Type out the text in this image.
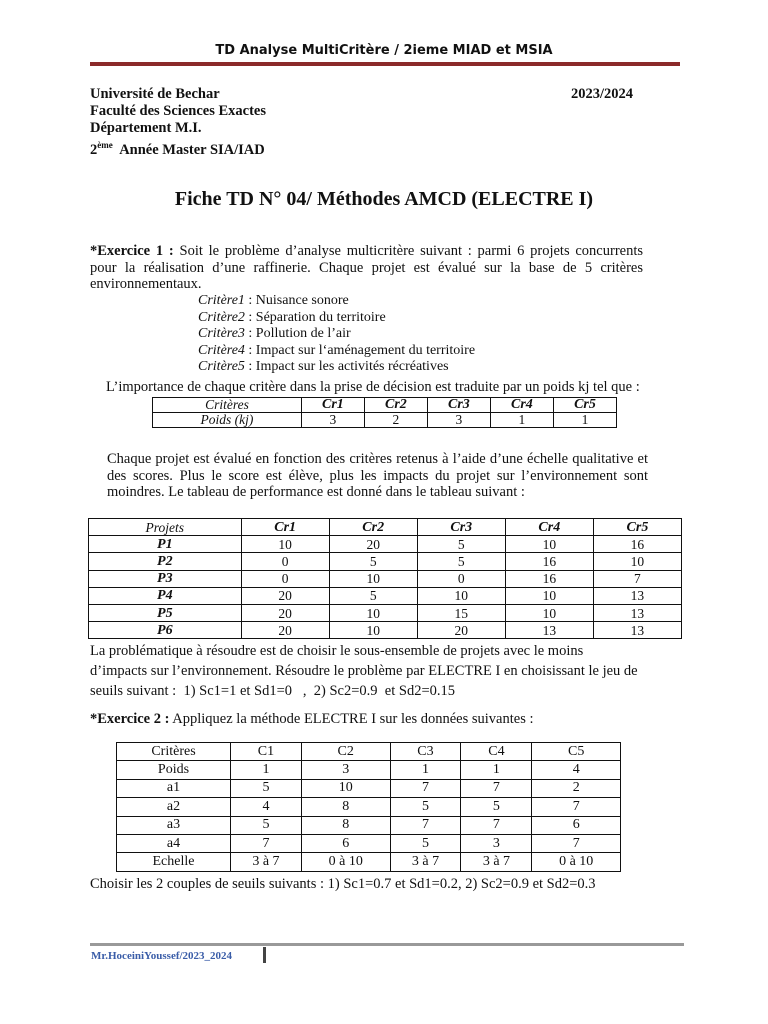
TD Analyse MultiCritère / 2ieme MIAD et MSIA
Université de Bechar
Faculté des Sciences Exactes
Département M.I.
2ème  Année Master SIA/IAD
2023/2024
Fiche TD N° 04/ Méthodes AMCD (ELECTRE I)
*Exercice 1 : Soit le problème d’analyse multicritère suivant : parmi 6 projets concurrents pour la réalisation d’une raffinerie. Chaque projet est évalué sur la base de 5 critères environnementaux.
Critère1 : Nuisance sonore
Critère2 : Séparation du territoire
Critère3 : Pollution de l’air
Critère4 : Impact sur l‘aménagement du territoire
Critère5 : Impact sur les activités récréatives
L’importance de chaque critère dans la prise de décision est traduite par un poids kj tel que :
Critères	Cr1	Cr2	Cr3	Cr4	Cr5
Poids (kj)	3	2	3	1	1
Chaque projet est évalué en fonction des critères retenus à l’aide d’une échelle qualitative et des scores. Plus le score est élève, plus les impacts du projet sur l’environnement sont moindres. Le tableau de performance est donné dans le tableau suivant :
Projets	Cr1	Cr2	Cr3	Cr4	Cr5
P1	10	20	5	10	16
P2	0	5	5	16	10
P3	0	10	0	16	7
P4	20	5	10	10	13
P5	20	10	15	10	13
P6	20	10	20	13	13
La problématique à résoudre est de choisir le sous-ensemble de projets avec le moins
d’impacts sur l’environnement. Résoudre le problème par ELECTRE I en choisissant le jeu de
seuils suivant :  1) Sc1=1 et Sd1=0   ,  2) Sc2=0.9  et Sd2=0.15
*Exercice 2 : Appliquez la méthode ELECTRE I sur les données suivantes :
Critères	C1	C2	C3	C4	C5
Poids	1	3	1	1	4
a1	5	10	7	7	2
a2	4	8	5	5	7
a3	5	8	7	7	6
a4	7	6	5	3	7
Echelle	3 à 7	0 à 10	3 à 7	3 à 7	0 à 10
Choisir les 2 couples de seuils suivants : 1) Sc1=0.7 et Sd1=0.2, 2) Sc2=0.9 et Sd2=0.3
Mr.HoceiniYoussef/2023_2024
